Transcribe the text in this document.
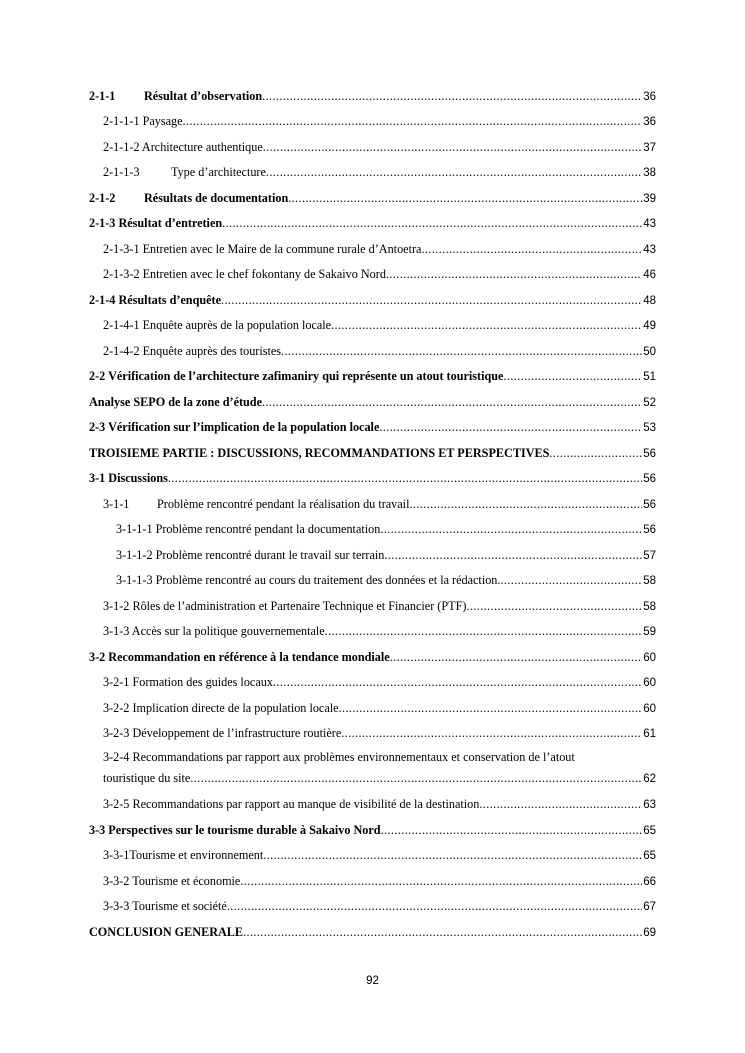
2-1-1 Résultat d’observation .....	36
2-1-1-1 Paysage .....	36
2-1-1-2 Architecture authentique .....	37
2-1-1-3	Type d’architecture .....	38
2-1-2 Résultats de documentation .....	39
2-1-3 Résultat d’entretien .....	43
2-1-3-1 Entretien avec le Maire de la commune rurale d’Antoetra .....	43
2-1-3-2 Entretien avec le chef fokontany de Sakaivo Nord .....	46
2-1-4 Résultats d’enquête .....	48
2-1-4-1 Enquête auprès de la population locale .....	49
2-1-4-2 Enquête auprès des touristes .....	50
2-2 Vérification de l’architecture zafimaniry qui représente un atout touristique .....	51
Analyse SEPO de la zone d’étude .....	52
2-3 Vérification sur l’implication de la population locale .....	53
TROISIEME PARTIE : DISCUSSIONS, RECOMMANDATIONS ET PERSPECTIVES .....	56
3-1 Discussions .....	56
3-1-1 Problème rencontré pendant la réalisation du travail .....	56
3-1-1-1 Problème rencontré pendant la documentation .....	56
3-1-1-2 Problème rencontré durant le travail sur terrain .....	57
3-1-1-3 Problème rencontré au cours du traitement des données et la rédaction. .....	58
3-1-2 Rôles de l’administration et Partenaire Technique et Financier (PTF) .....	58
3-1-3 Accès sur la politique gouvernementale .....	59
3-2 Recommandation en référence à la tendance mondiale .....	60
3-2-1 Formation des guides locaux .....	60
3-2-2 Implication directe de la population locale .....	60
3-2-3 Développement de l’infrastructure routière .....	61
3-2-4 Recommandations par rapport aux problèmes environnementaux et conservation de l’atout
touristique du site .....	62
3-2-5 Recommandations par rapport au manque de visibilité de la destination .....	63
3-3 Perspectives sur le tourisme durable à Sakaivo Nord .....	65
3-3-1Tourisme et environnement .....	65
3-3-2 Tourisme et économie .....	66
3-3-3 Tourisme et société .....	67
CONCLUSION GENERALE .....	69
92
